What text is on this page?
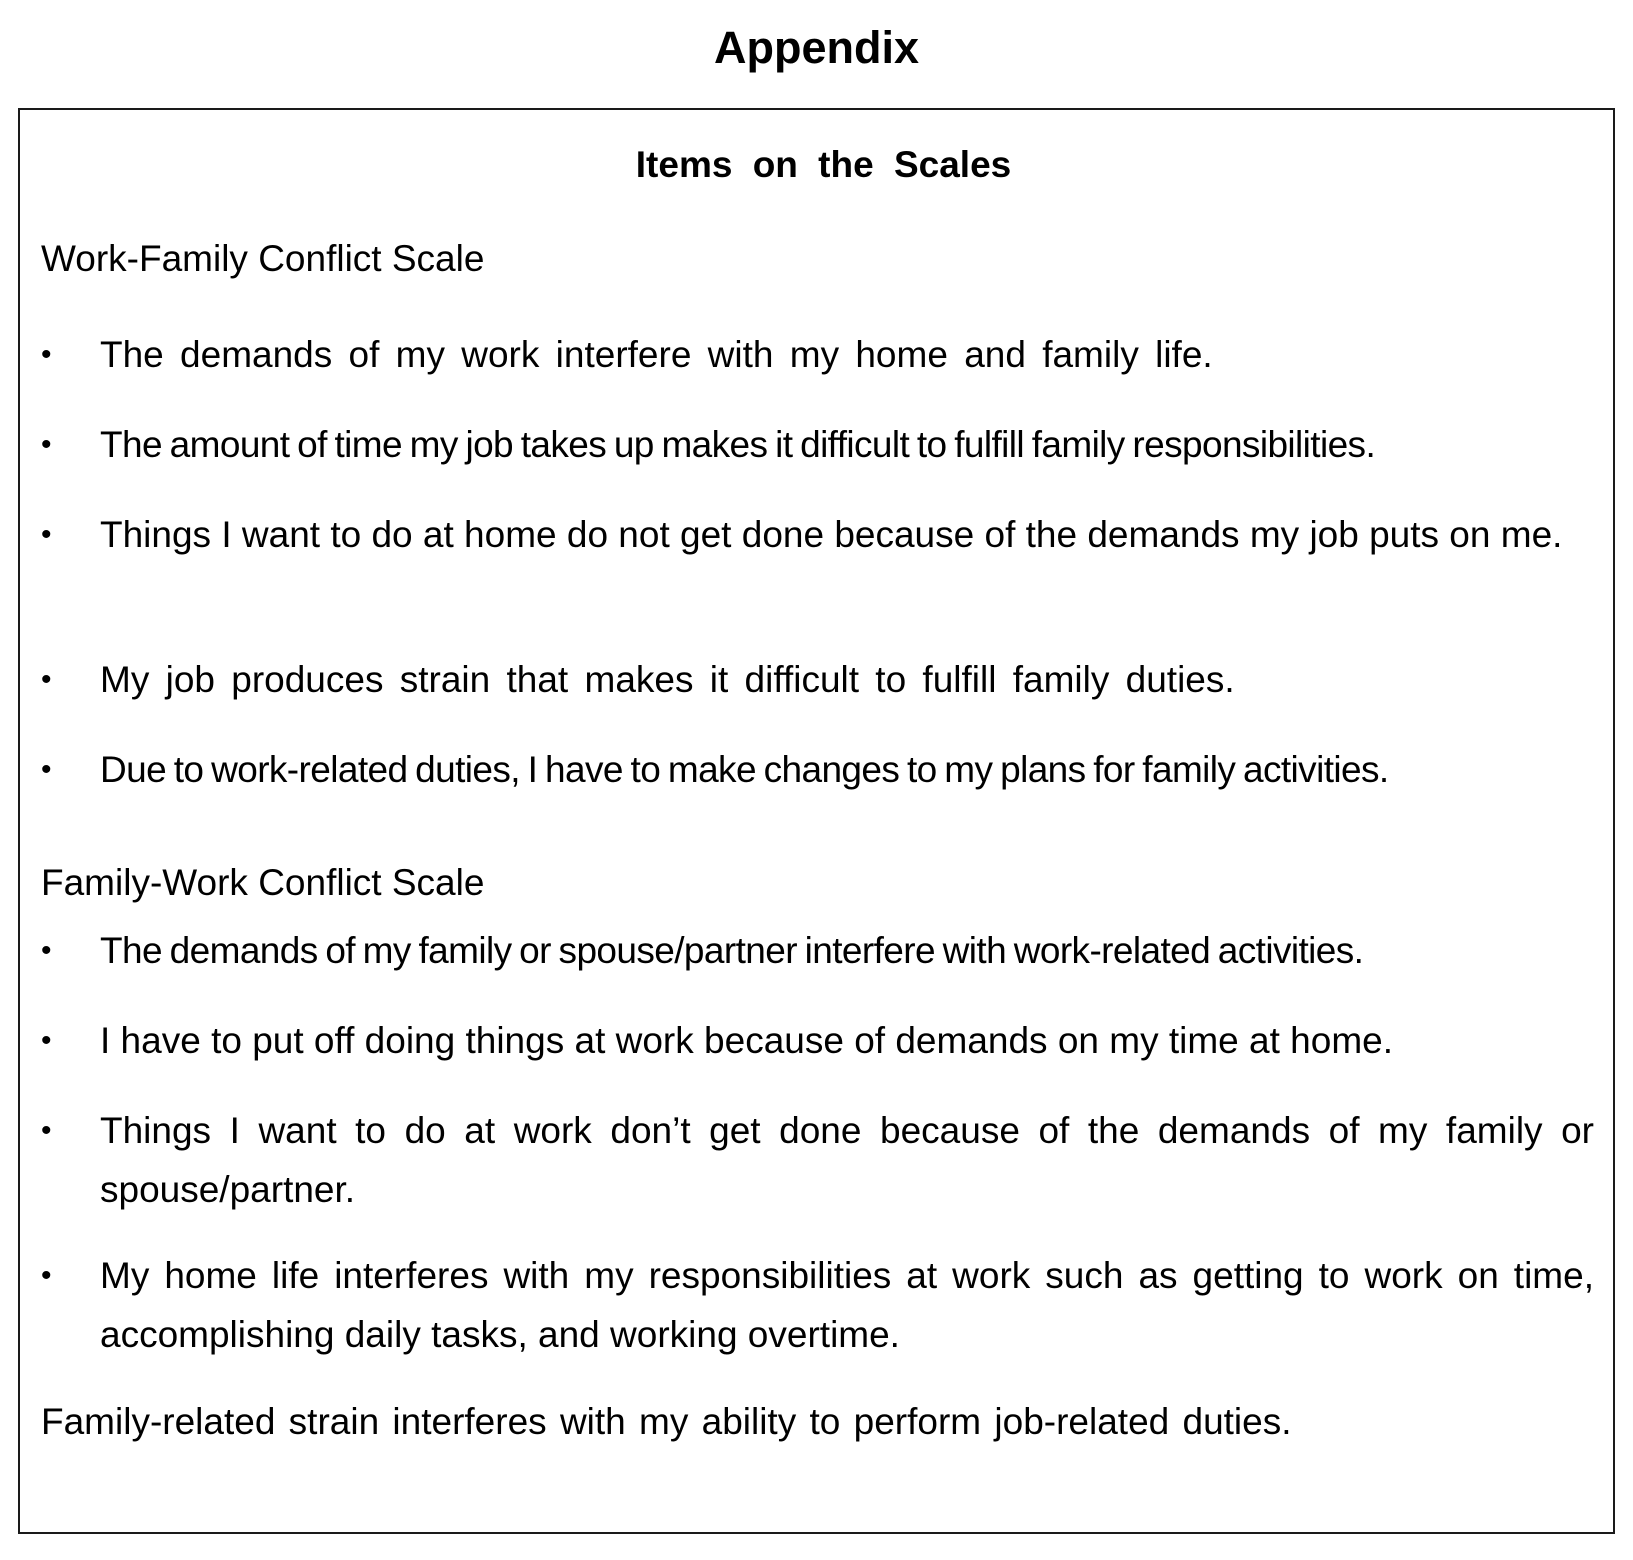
Appendix
Items on the Scales

Work-Family Conflict Scale

• The demands of my work interfere with my home and family life.
• The amount of time my job takes up makes it difficult to fulfill family responsibilities.
• Things I want to do at home do not get done because of the demands my job puts on me.
• My job produces strain that makes it difficult to fulfill family duties.
• Due to work-related duties, I have to make changes to my plans for family activities.

Family-Work Conflict Scale

• The demands of my family or spouse/partner interfere with work-related activities.
• I have to put off doing things at work because of demands on my time at home.
• Things I want to do at work don’t get done because of the demands of my family or spouse/partner.
• My home life interferes with my responsibilities at work such as getting to work on time, accomplishing daily tasks, and working overtime.

Family-related strain interferes with my ability to perform job-related duties.
